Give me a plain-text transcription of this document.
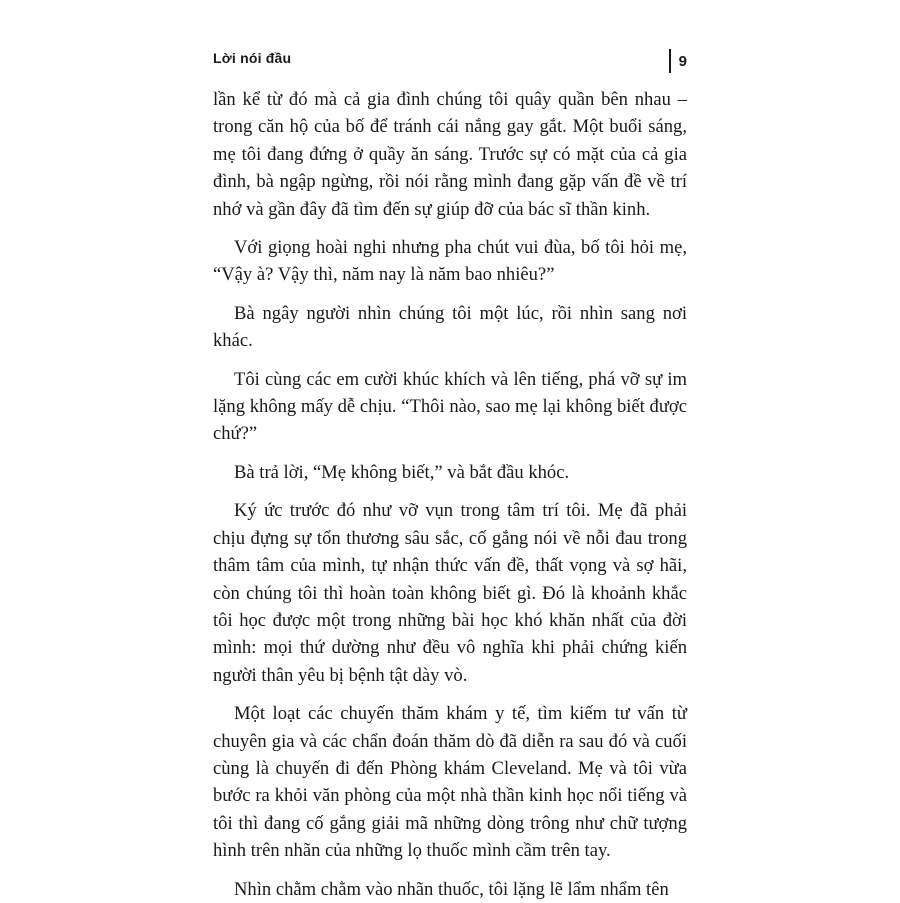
Lời nói đầu	9

lần kể từ đó mà cả gia đình chúng tôi quây quần bên nhau – trong căn hộ của bố để tránh cái nắng gay gắt. Một buổi sáng, mẹ tôi đang đứng ở quầy ăn sáng. Trước sự có mặt của cả gia đình, bà ngập ngừng, rồi nói rằng mình đang gặp vấn đề về trí nhớ và gần đây đã tìm đến sự giúp đỡ của bác sĩ thần kinh.

Với giọng hoài nghi nhưng pha chút vui đùa, bố tôi hỏi mẹ, “Vậy à? Vậy thì, năm nay là năm bao nhiêu?”

Bà ngây người nhìn chúng tôi một lúc, rồi nhìn sang nơi khác.

Tôi cùng các em cười khúc khích và lên tiếng, phá vỡ sự im lặng không mấy dễ chịu. “Thôi nào, sao mẹ lại không biết được chứ?”

Bà trả lời, “Mẹ không biết,” và bắt đầu khóc.

Ký ức trước đó như vỡ vụn trong tâm trí tôi. Mẹ đã phải chịu đựng sự tổn thương sâu sắc, cố gắng nói về nỗi đau trong thâm tâm của mình, tự nhận thức vấn đề, thất vọng và sợ hãi, còn chúng tôi thì hoàn toàn không biết gì. Đó là khoảnh khắc tôi học được một trong những bài học khó khăn nhất của đời mình: mọi thứ dường như đều vô nghĩa khi phải chứng kiến người thân yêu bị bệnh tật dày vò.

Một loạt các chuyến thăm khám y tế, tìm kiếm tư vấn từ chuyên gia và các chẩn đoán thăm dò đã diễn ra sau đó và cuối cùng là chuyến đi đến Phòng khám Cleveland. Mẹ và tôi vừa bước ra khỏi văn phòng của một nhà thần kinh học nổi tiếng và tôi thì đang cố gắng giải mã những dòng trông như chữ tượng hình trên nhãn của những lọ thuốc mình cầm trên tay.

Nhìn chằm chằm vào nhãn thuốc, tôi lặng lẽ lẩm nhẩm tên
